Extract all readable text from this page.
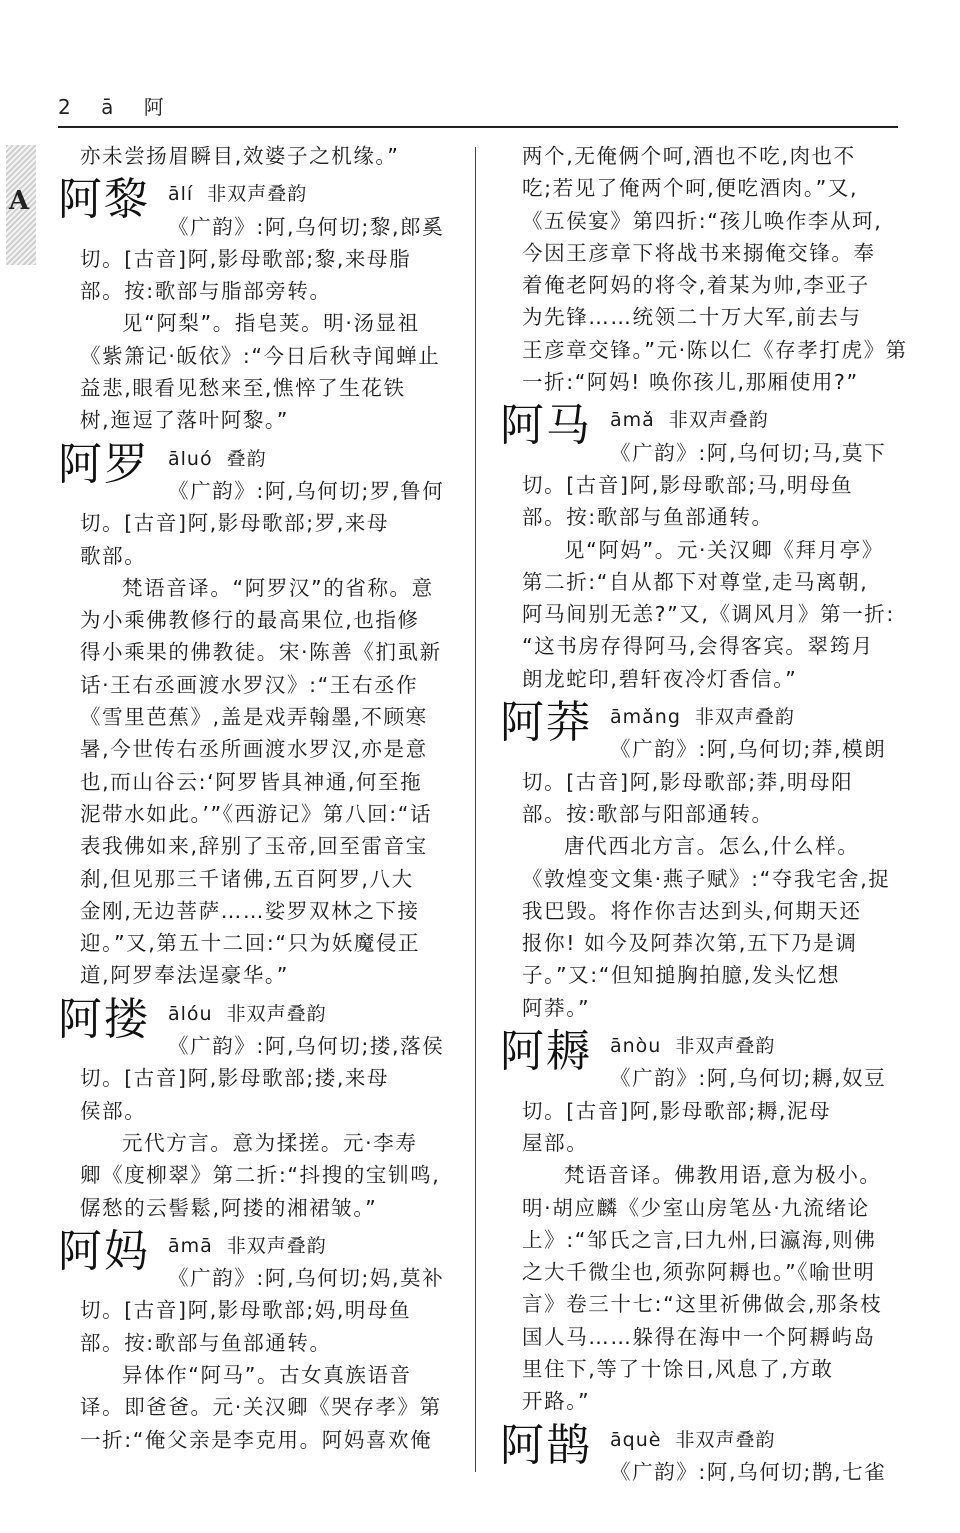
2 ā 阿
A
亦未尝扬眉瞬目,效婆子之机缘。”
阿黎 ālí 非双声叠韵
《广韵》:阿,乌何切;黎,郎奚
切。[古音]阿,影母歌部;黎,来母脂
部。按:歌部与脂部旁转。
见“阿梨”。指皂荚。明·汤显祖
《紫箫记·皈依》:“今日后秋寺闻蝉止
益悲,眼看见愁来至,憔悴了生花铁
树,迤逗了落叶阿黎。”
阿罗 āluó 叠韵
《广韵》:阿,乌何切;罗,鲁何
切。[古音]阿,影母歌部;罗,来母
歌部。
梵语音译。“阿罗汉”的省称。意
为小乘佛教修行的最高果位,也指修
得小乘果的佛教徒。宋·陈善《扪虱新
话·王右丞画渡水罗汉》:“王右丞作
《雪里芭蕉》,盖是戏弄翰墨,不顾寒
暑,今世传右丞所画渡水罗汉,亦是意
也,而山谷云:‘阿罗皆具神通,何至拖
泥带水如此。’”《西游记》第八回:“话
表我佛如来,辞别了玉帝,回至雷音宝
刹,但见那三千诸佛,五百阿罗,八大
金刚,无边菩萨……娑罗双林之下接
迎。”又,第五十二回:“只为妖魔侵正
道,阿罗奉法逞豪华。”
阿搂 ālóu 非双声叠韵
《广韵》:阿,乌何切;搂,落侯
切。[古音]阿,影母歌部;搂,来母
侯部。
元代方言。意为揉搓。元·李寿
卿《度柳翠》第二折:“抖搜的宝钏鸣,
僝愁的云髻鬆,阿搂的湘裙皱。”
阿妈 āmā 非双声叠韵
《广韵》:阿,乌何切;妈,莫补
切。[古音]阿,影母歌部;妈,明母鱼
部。按:歌部与鱼部通转。
异体作“阿马”。古女真族语音
译。即爸爸。元·关汉卿《哭存孝》第
一折:“俺父亲是李克用。阿妈喜欢俺
两个,无俺俩个呵,酒也不吃,肉也不
吃;若见了俺两个呵,便吃酒肉。”又,
《五侯宴》第四折:“孩儿唤作李从珂,
今因王彦章下将战书来搦俺交锋。奉
着俺老阿妈的将令,着某为帅,李亚子
为先锋……统领二十万大军,前去与
王彦章交锋。”元·陈以仁《存孝打虎》第
一折:“阿妈! 唤你孩儿,那厢使用?”
阿马 āmǎ 非双声叠韵
《广韵》:阿,乌何切;马,莫下
切。[古音]阿,影母歌部;马,明母鱼
部。按:歌部与鱼部通转。
见“阿妈”。元·关汉卿《拜月亭》
第二折:“自从都下对尊堂,走马离朝,
阿马间别无恙?”又,《调风月》第一折:
“这书房存得阿马,会得客宾。翠筠月
朗龙蛇印,碧轩夜冷灯香信。”
阿莽 āmǎng 非双声叠韵
《广韵》:阿,乌何切;莽,模朗
切。[古音]阿,影母歌部;莽,明母阳
部。按:歌部与阳部通转。
唐代西北方言。怎么,什么样。
《敦煌变文集·燕子赋》:“夺我宅舍,捉
我巴毁。将作你吉达到头,何期天还
报你! 如今及阿莽次第,五下乃是调
子。”又:“但知搥胸拍臆,发头忆想
阿莽。”
阿耨 ānòu 非双声叠韵
《广韵》:阿,乌何切;耨,奴豆
切。[古音]阿,影母歌部;耨,泥母
屋部。
梵语音译。佛教用语,意为极小。
明·胡应麟《少室山房笔丛·九流绪论
上》:“邹氏之言,曰九州,曰瀛海,则佛
之大千微尘也,须弥阿耨也。”《喻世明
言》卷三十七:“这里祈佛做会,那条枝
国人马……躲得在海中一个阿耨屿岛
里住下,等了十馀日,风息了,方敢
开路。”
阿鹊 āquè 非双声叠韵
《广韵》:阿,乌何切;鹊,七雀
